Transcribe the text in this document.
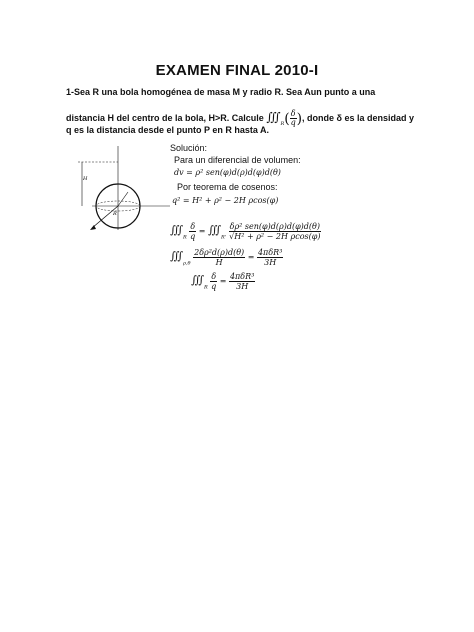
EXAMEN FINAL 2010-I
1-Sea R una bola homogénea de masa M y radio R. Sea Aun punto a una
distancia H del centro de la bola, H>R. Calcule $∭_R( \frac{\delta}{q}$ ), donde δ es la densidad y
q es la distancia desde el punto P en R hasta A.
H
R
Solución:
Para un diferencial de volumen:
dv = ρ² sen(φ)d(ρ)d(φ)d(θ)
Por teorema de cosenos:
q² = H² + ρ² − 2H ρcos(φ)
$∭_R \frac{\delta}{q}$ = $∭_{R'}$
δρ² sen(φ)d(ρ)d(φ)d(θ)
√H² + ρ² − 2H ρcos(φ)
$∭_{\rho,\theta} \frac{\text{2δρ²d(ρ)d(θ)}}{H} = 4\pi\delta R^3$
3H
$∭_R \frac{\delta}{q} = 4\pi\delta R^3$
3H
